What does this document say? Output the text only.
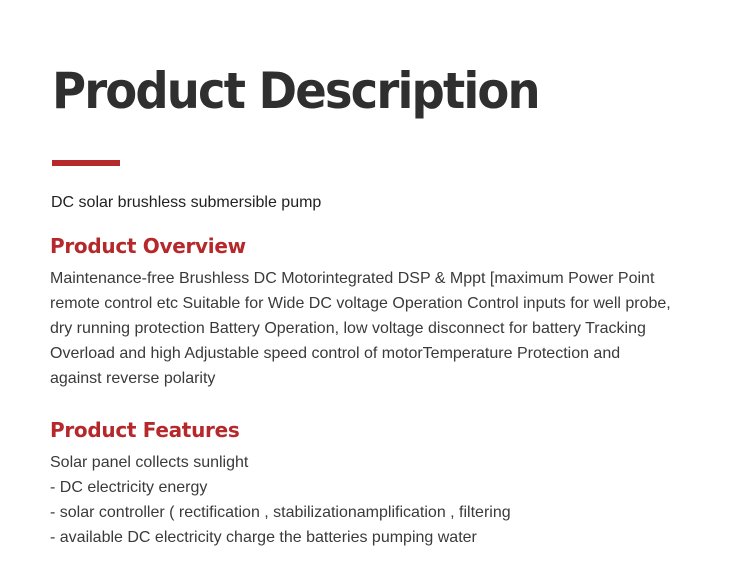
Product Description
DC solar brushless submersible pump
Product Overview

Maintenance-free Brushless DC Motorintegrated DSP & Mppt [maximum Power Point
remote control etc Suitable for Wide DC voltage Operation Control inputs for well probe,
dry running protection Battery Operation, low voltage disconnect for battery Tracking
Overload and high Adjustable speed control of motorTemperature Protection and
against reverse polarity

Product Features
Solar panel collects sunlight
- DC electricity energy
- solar controller ( rectification , stabilizationamplification , filtering
- available DC electricity charge the batteries pumping water
